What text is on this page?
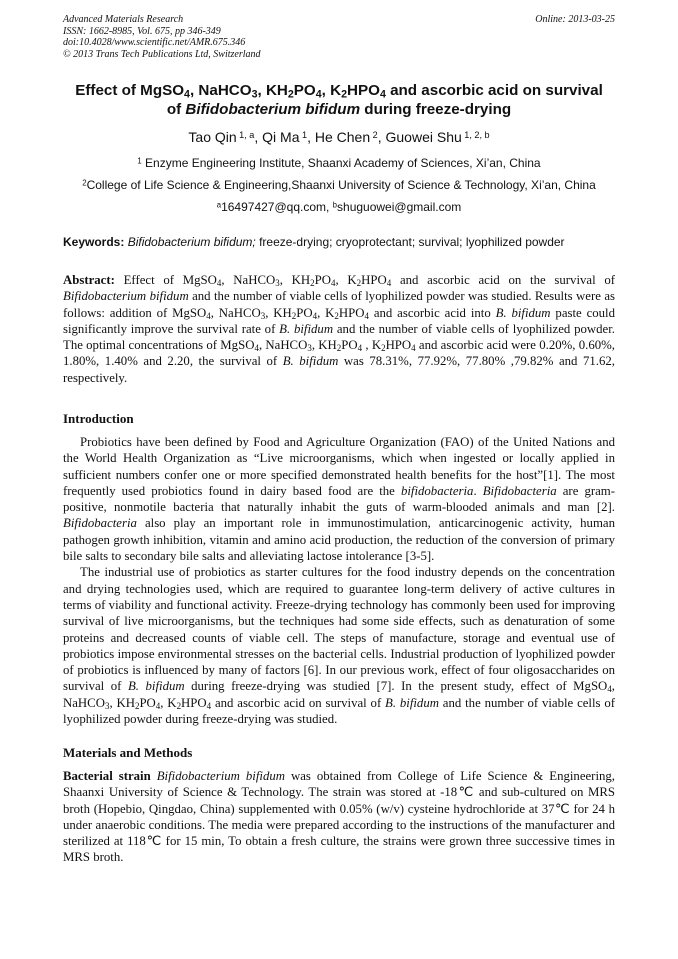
Advanced Materials Research
ISSN: 1662-8985, Vol. 675, pp 346-349
doi:10.4028/www.scientific.net/AMR.675.346
© 2013 Trans Tech Publications Ltd, Switzerland
Online: 2013-03-25
Effect of MgSO$_4$, NaHCO$_3$, $KH_2PO_4$, $K_2HPO_4$ and ascorbic acid on survival
of Bifidobacterium bifidum during freeze-drying
Tao Qin $^{1, a}$, Qi Ma $^1$, He Chen $^2$, Guowei Shu $^{1, 2, b}$
$^1$ Enzyme Engineering Institute, Shaanxi Academy of Sciences, Xi’an, China
$^2$College of Life Science & Engineering,Shaanxi University of Science & Technology, Xi’an, China
$^a$16497427@qq.com, $^b$shuguowei@gmail.com
Keywords: Bifidobacterium bifidum; freeze-drying; cryoprotectant; survival; lyophilized powder
Abstract: Effect of MgSO$_4$, NaHCO$_3$, $KH_2PO_4$, $K_2HPO_4$ and ascorbic acid on the survival of Bifidobacterium bifidum and the number of viable cells of lyophilized powder was studied. Results were as follows: addition of MgSO$_4$, NaHCO$_3$, $KH_2PO_4$, $K_2HPO_4$ and ascorbic acid into B. bifidum paste could significantly improve the survival rate of B. bifidum and the number of viable cells of lyophilized powder. The optimal concentrations of MgSO$_4$, NaHCO$_3$, $KH_2PO_4$ , $K_2HPO_4$ and ascorbic acid were 0.20%, 0.60%, 1.80%, 1.40% and 2.20, the survival of B. bifidum was 78.31%, 77.92%, 77.80% ,79.82% and 71.62, respectively.
Introduction

Probiotics have been defined by Food and Agriculture Organization (FAO) of the United Nations and the World Health Organization as “Live microorganisms, which when ingested or locally applied in sufficient numbers confer one or more specified demonstrated health benefits for the host”[1]. The most frequently used probiotics found in dairy based food are the bifidobacteria. Bifidobacteria are gram-positive, nonmotile bacteria that naturally inhabit the guts of warm-blooded animals and man [2]. Bifidobacteria also play an important role in immunostimulation, anticarcinogenic activity, human pathogen growth inhibition, vitamin and amino acid production, the reduction of the conversion of primary bile salts to secondary bile salts and alleviating lactose intolerance [3-5].

The industrial use of probiotics as starter cultures for the food industry depends on the concentration and drying technologies used, which are required to guarantee long-term delivery of active cultures in terms of viability and functional activity. Freeze-drying technology has commonly been used for improving survival of live microorganisms, but the techniques had some side effects, such as denaturation of some proteins and decreased counts of viable cell. The steps of manufacture, storage and eventual use of probiotics impose environmental stresses on the bacterial cells. Industrial production of lyophilized powder of probiotics is influenced by many of factors [6]. In our previous work, effect of four oligosaccharides on survival of B. bifidum during freeze-drying was studied [7]. In the present study, effect of MgSO$_4$, NaHCO$_3$, $KH_2PO_4$, $K_2HPO_4$ and ascorbic acid on survival of B. bifidum and the number of viable cells of lyophilized powder during freeze-drying was studied.

Materials and Methods

Bacterial strain Bifidobacterium bifidum was obtained from College of Life Science & Engineering, Shaanxi University of Science & Technology. The strain was stored at -18℃ and sub-cultured on MRS broth (Hopebio, Qingdao, China) supplemented with 0.05% (w/v) cysteine hydrochloride at 37℃ for 24 h under anaerobic conditions. The media were prepared according to the instructions of the manufacturer and sterilized at 118℃ for 15 min, To obtain a fresh culture, the strains were grown three successive times in MRS broth.
